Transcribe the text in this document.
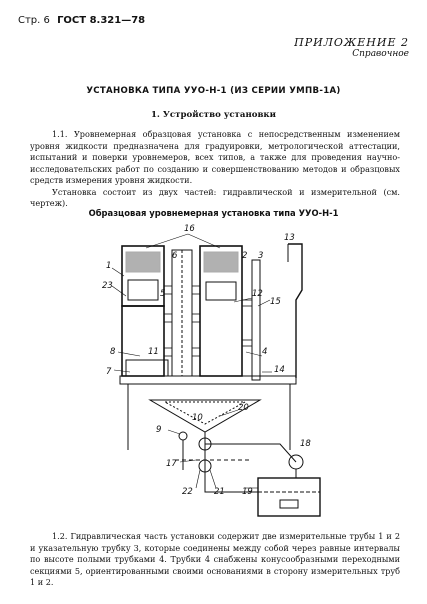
Стр. 6 ГОСТ 8.321—78
ПРИЛОЖЕНИЕ 2
Справочное
УСТАНОВКА ТИПА УУО-Н-1 (ИЗ СЕРИИ УМПВ-1А)
1. Устройство установки

1.1. Уровнемерная образцовая установка с непосредственным изменением уровня жидкости предназначена для градуировки, метрологической аттестации, испытаний и поверки уровнемеров, всех типов, а также для проведения научно-исследовательских работ по созданию и совершенствованию методов и образцовых средств измерения уровня жидкости.

Установка состоит из двух частей: гидравлической и измерительной (см. чертеж).

Образцовая уровнемерная установка типа УУО-Н-1
16
13
1
6	2 3
23
12
15
8	11	4
7	14
20
9
10
18
17
22 21 19
5

1.2. Гидравлическая часть установки содержит две измерительные трубы 1 и 2 и указательную трубку 3, которые соединены между собой через равные интервалы по высоте полыми трубками 4. Трубки 4 снабжены конусообразными переходными секциями 5, ориентированными своими основаниями в сторону измерительных труб 1 и 2.
